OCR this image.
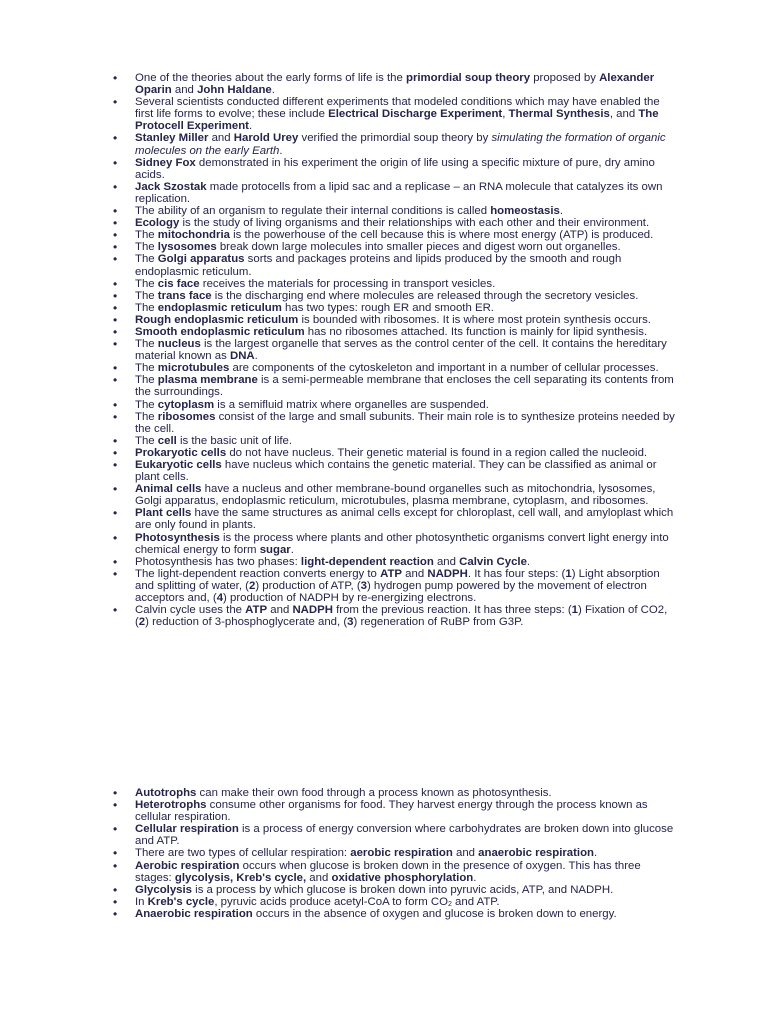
• One of the theories about the early forms of life is the primordial soup theory proposed by Alexander Oparin and John Haldane.
• Several scientists conducted different experiments that modeled conditions which may have enabled the first life forms to evolve; these include Electrical Discharge Experiment, Thermal Synthesis, and The Protocell Experiment.
• Stanley Miller and Harold Urey verified the primordial soup theory by simulating the formation of organic molecules on the early Earth.
• Sidney Fox demonstrated in his experiment the origin of life using a specific mixture of pure, dry amino acids.
• Jack Szostak made protocells from a lipid sac and a replicase – an RNA molecule that catalyzes its own replication.
• The ability of an organism to regulate their internal conditions is called homeostasis.
• Ecology is the study of living organisms and their relationships with each other and their environment.
• The mitochondria is the powerhouse of the cell because this is where most energy (ATP) is produced.
• The lysosomes break down large molecules into smaller pieces and digest worn out organelles.
• The Golgi apparatus sorts and packages proteins and lipids produced by the smooth and rough endoplasmic reticulum.
• The cis face receives the materials for processing in transport vesicles.
• The trans face is the discharging end where molecules are released through the secretory vesicles.
• The endoplasmic reticulum has two types: rough ER and smooth ER.
• Rough endoplasmic reticulum is bounded with ribosomes. It is where most protein synthesis occurs.
• Smooth endoplasmic reticulum has no ribosomes attached. Its function is mainly for lipid synthesis.
• The nucleus is the largest organelle that serves as the control center of the cell. It contains the hereditary material known as DNA.
• The microtubules are components of the cytoskeleton and important in a number of cellular processes.
• The plasma membrane is a semi-permeable membrane that encloses the cell separating its contents from the surroundings.
• The cytoplasm is a semifluid matrix where organelles are suspended.
• The ribosomes consist of the large and small subunits. Their main role is to synthesize proteins needed by the cell.
• The cell is the basic unit of life.
• Prokaryotic cells do not have nucleus. Their genetic material is found in a region called the nucleoid.
• Eukaryotic cells have nucleus which contains the genetic material. They can be classified as animal or plant cells.
• Animal cells have a nucleus and other membrane-bound organelles such as mitochondria, lysosomes, Golgi apparatus, endoplasmic reticulum, microtubules, plasma membrane, cytoplasm, and ribosomes.
• Plant cells have the same structures as animal cells except for chloroplast, cell wall, and amyloplast which are only found in plants.
• Photosynthesis is the process where plants and other photosynthetic organisms convert light energy into chemical energy to form sugar.
• Photosynthesis has two phases: light-dependent reaction and Calvin Cycle.
• The light-dependent reaction converts energy to ATP and NADPH. It has four steps: (1) Light absorption and splitting of water, (2) production of ATP, (3) hydrogen pump powered by the movement of electron acceptors and, (4) production of NADPH by re-energizing electrons.
• Calvin cycle uses the ATP and NADPH from the previous reaction. It has three steps: (1) Fixation of CO2, (2) reduction of 3-phosphoglycerate and, (3) regeneration of RuBP from G3P.
• Autotrophs can make their own food through a process known as photosynthesis.
• Heterotrophs consume other organisms for food. They harvest energy through the process known as cellular respiration.
• Cellular respiration is a process of energy conversion where carbohydrates are broken down into glucose and ATP.
• There are two types of cellular respiration: aerobic respiration and anaerobic respiration.
• Aerobic respiration occurs when glucose is broken down in the presence of oxygen. This has three stages: glycolysis, Kreb's cycle, and oxidative phosphorylation.
• Glycolysis is a process by which glucose is broken down into pyruvic acids, ATP, and NADPH.
• In Kreb's cycle, pyruvic acids produce acetyl-CoA to form $CO_2$ and ATP.
• Anaerobic respiration occurs in the absence of oxygen and glucose is broken down to energy.
